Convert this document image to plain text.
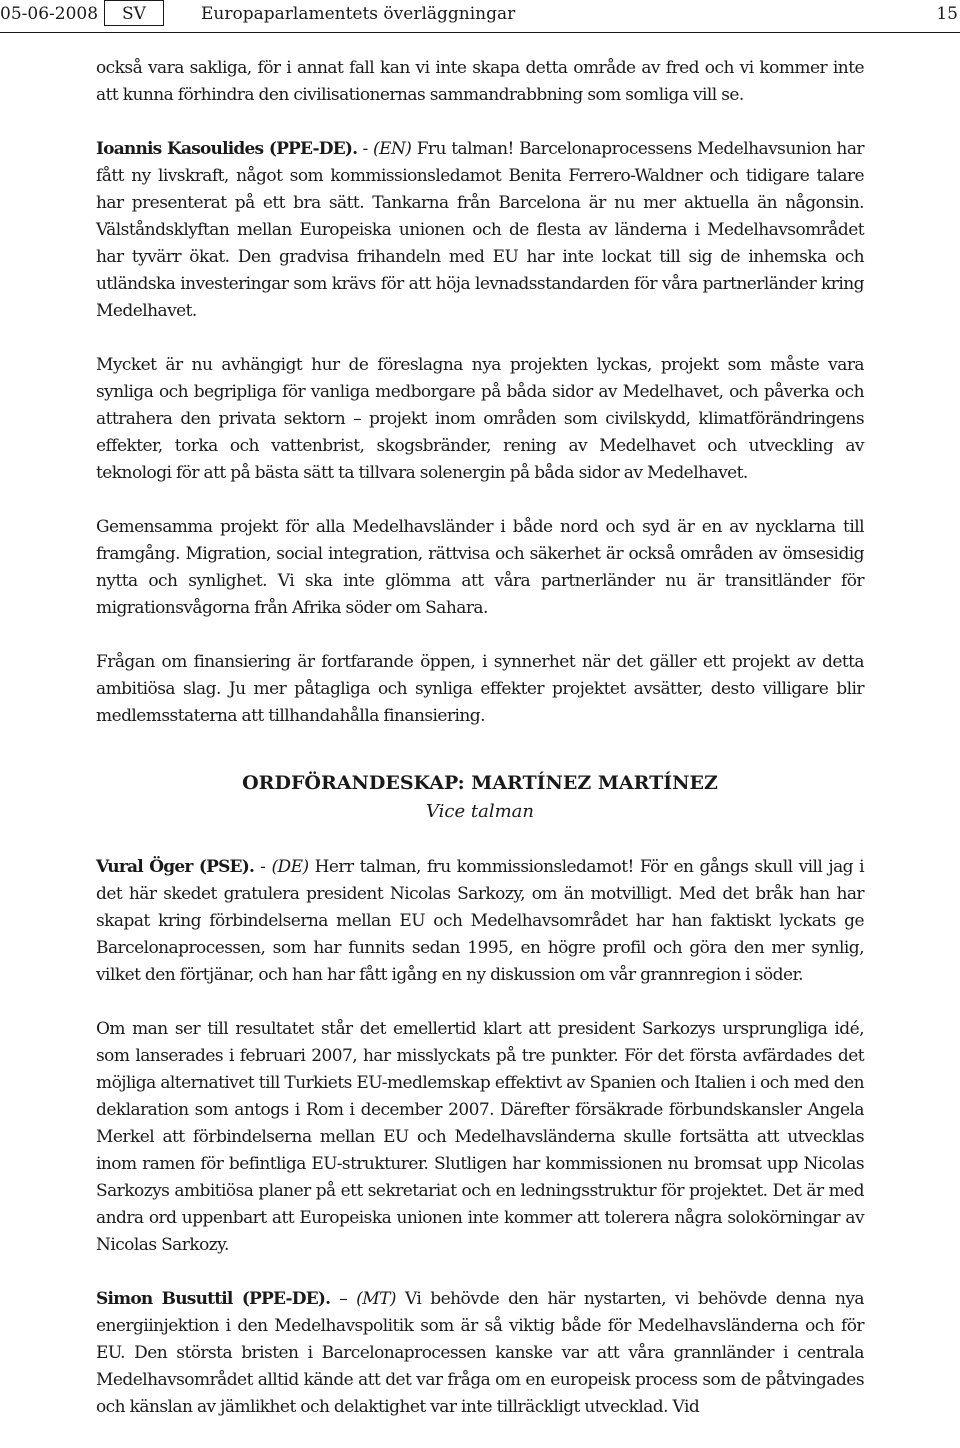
05-06-2008	SV	Europaparlamentets överläggningar	15

också vara sakliga, för i annat fall kan vi inte skapa detta område av fred och vi kommer inte att kunna förhindra den civilisationernas sammandrabbning som somliga vill se.

Ioannis Kasoulides (PPE-DE). - (EN) Fru talman! Barcelonaprocessens Medelhavsunion har fått ny livskraft, något som kommissionsledamot Benita Ferrero-Waldner och tidigare talare har presenterat på ett bra sätt. Tankarna från Barcelona är nu mer aktuella än någonsin. Välståndsklyftan mellan Europeiska unionen och de flesta av länderna i Medelhavsområdet har tyvärr ökat. Den gradvisa frihandeln med EU har inte lockat till sig de inhemska och utländska investeringar som krävs för att höja levnadsstandarden för våra partnerländer kring Medelhavet.

Mycket är nu avhängigt hur de föreslagna nya projekten lyckas, projekt som måste vara synliga och begripliga för vanliga medborgare på båda sidor av Medelhavet, och påverka och attrahera den privata sektorn – projekt inom områden som civilskydd, klimatförändringens effekter, torka och vattenbrist, skogsbränder, rening av Medelhavet och utveckling av teknologi för att på bästa sätt ta tillvara solenergin på båda sidor av Medelhavet.

Gemensamma projekt för alla Medelhavsländer i både nord och syd är en av nycklarna till framgång. Migration, social integration, rättvisa och säkerhet är också områden av ömsesidig nytta och synlighet. Vi ska inte glömma att våra partnerländer nu är transitländer för migrationsvågorna från Afrika söder om Sahara.

Frågan om finansiering är fortfarande öppen, i synnerhet när det gäller ett projekt av detta ambitiösa slag. Ju mer påtagliga och synliga effekter projektet avsätter, desto villigare blir medlemsstaterna att tillhandahålla finansiering.

ORDFÖRANDESKAP: MARTÍNEZ MARTÍNEZ
Vice talman

Vural Öger (PSE). - (DE) Herr talman, fru kommissionsledamot! För en gångs skull vill jag i det här skedet gratulera president Nicolas Sarkozy, om än motvilligt. Med det bråk han har skapat kring förbindelserna mellan EU och Medelhavsområdet har han faktiskt lyckats ge Barcelonaprocessen, som har funnits sedan 1995, en högre profil och göra den mer synlig, vilket den förtjänar, och han har fått igång en ny diskussion om vår grannregion i söder.

Om man ser till resultatet står det emellertid klart att president Sarkozys ursprungliga idé, som lanserades i februari 2007, har misslyckats på tre punkter. För det första avfärdades det möjliga alternativet till Turkiets EU-medlemskap effektivt av Spanien och Italien i och med den deklaration som antogs i Rom i december 2007. Därefter försäkrade förbundskansler Angela Merkel att förbindelserna mellan EU och Medelhavsländerna skulle fortsätta att utvecklas inom ramen för befintliga EU-strukturer. Slutligen har kommissionen nu bromsat upp Nicolas Sarkozys ambitiösa planer på ett sekretariat och en ledningsstruktur för projektet. Det är med andra ord uppenbart att Europeiska unionen inte kommer att tolerera några solokörningar av Nicolas Sarkozy.

Simon Busuttil (PPE-DE). – (MT) Vi behövde den här nystarten, vi behövde denna nya energiinjektion i den Medelhavspolitik som är så viktig både för Medelhavsländerna och för EU. Den största bristen i Barcelonaprocessen kanske var att våra grannländer i centrala Medelhavsområdet alltid kände att det var fråga om en europeisk process som de påtvingades och känslan av jämlikhet och delaktighet var inte tillräckligt utvecklad. Vid
